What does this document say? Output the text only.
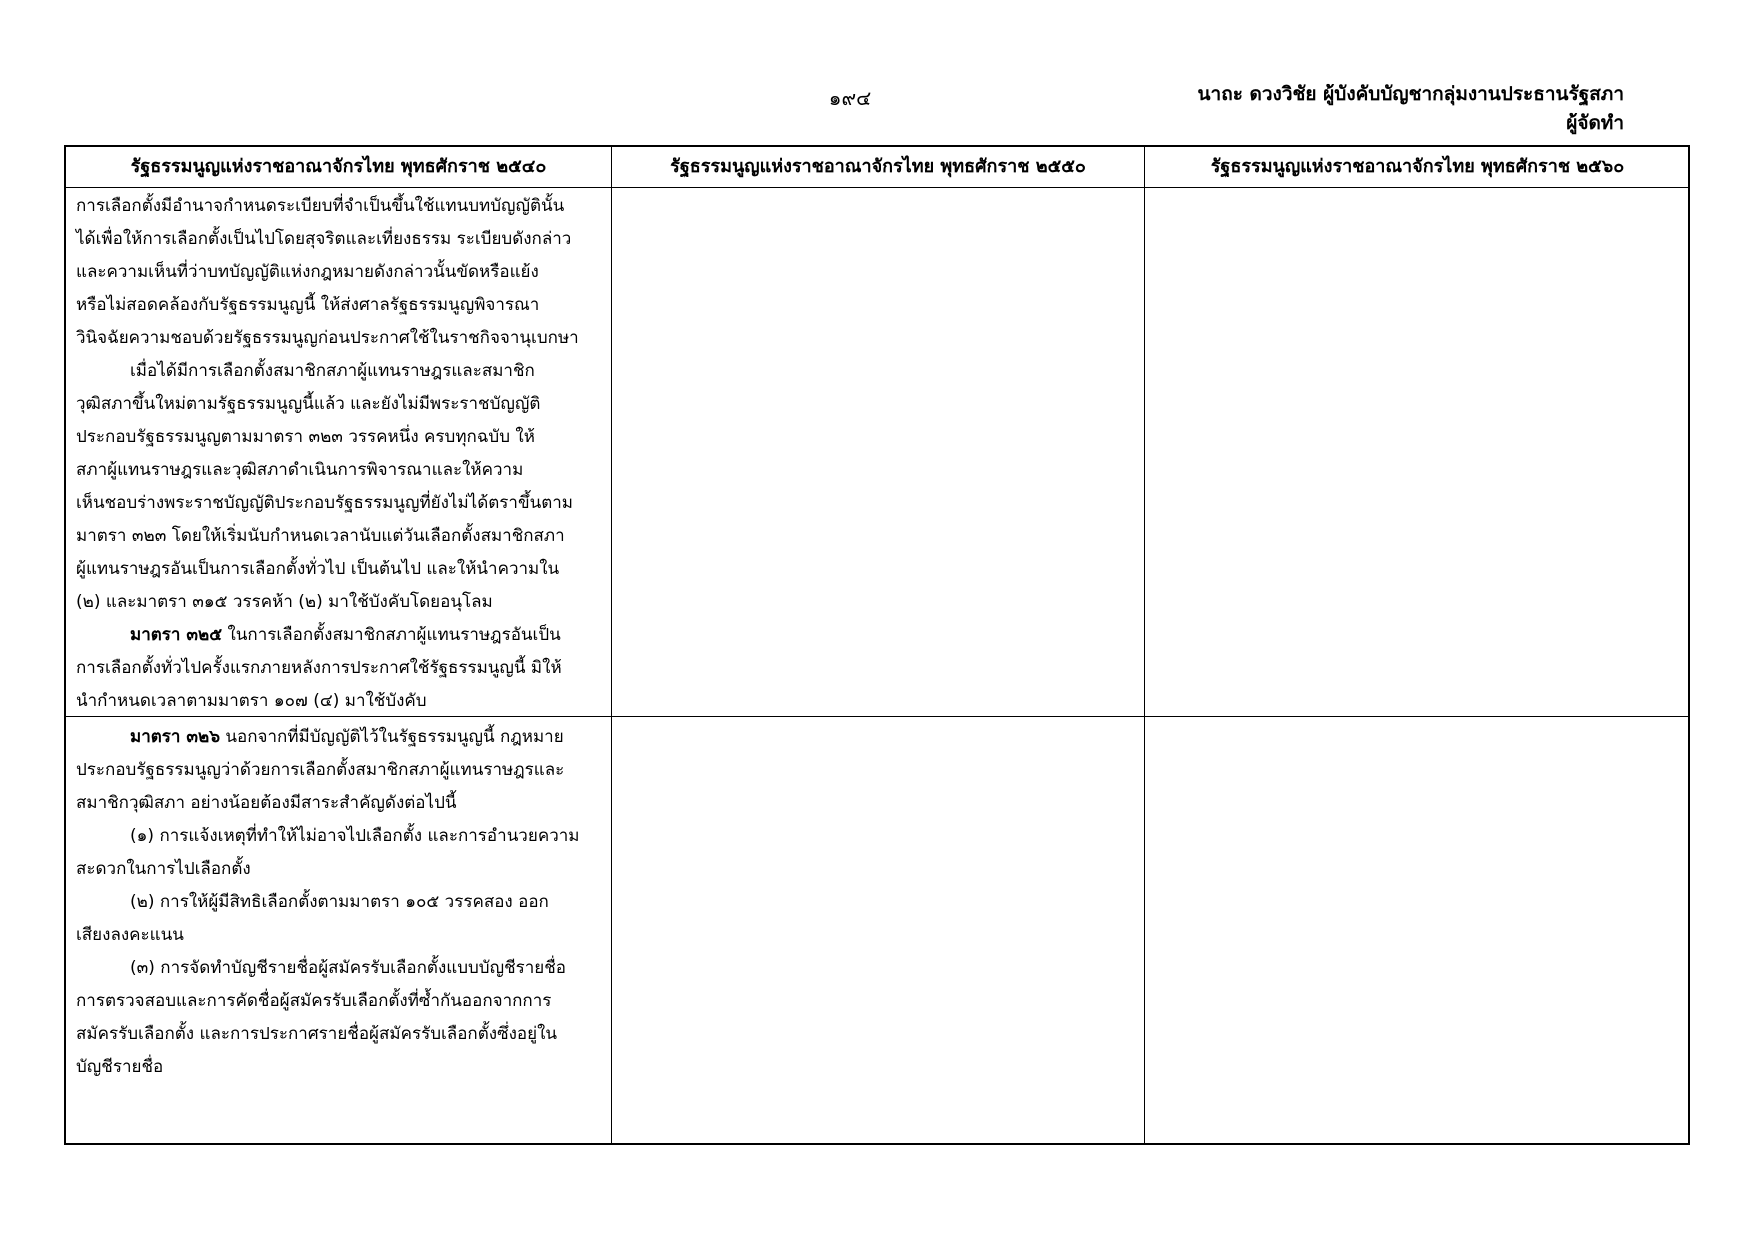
๑๙๔	นาถะ ดวงวิชัย ผู้บังคับบัญชากลุ่มงานประธานรัฐสภา
ผู้จัดทำ
รัฐธรรมนูญแห่งราชอาณาจักรไทย พุทธศักราช ๒๕๔๐	รัฐธรรมนูญแห่งราชอาณาจักรไทย พุทธศักราช ๒๕๕๐	รัฐธรรมนูญแห่งราชอาณาจักรไทย พุทธศักราช ๒๕๖๐

การเลือกตั้งมีอำนาจกำหนดระเบียบที่จำเป็นขึ้นใช้แทนบทบัญญัตินั้น

ได้เพื่อให้การเลือกตั้งเป็นไปโดยสุจริตและเที่ยงธรรม ระเบียบดังกล่าว

และความเห็นที่ว่าบทบัญญัติแห่งกฎหมายดังกล่าวนั้นขัดหรือแย้ง

หรือไม่สอดคล้องกับรัฐธรรมนูญนี้ ให้ส่งศาลรัฐธรรมนูญพิจารณา

วินิจฉัยความชอบด้วยรัฐธรรมนูญก่อนประกาศใช้ในราชกิจจานุเบกษา

เมื่อได้มีการเลือกตั้งสมาชิกสภาผู้แทนราษฎรและสมาชิก

วุฒิสภาขึ้นใหม่ตามรัฐธรรมนูญนี้แล้ว และยังไม่มีพระราชบัญญัติ

ประกอบรัฐธรรมนูญตามมาตรา ๓๒๓ วรรคหนึ่ง ครบทุกฉบับ ให้

สภาผู้แทนราษฎรและวุฒิสภาดำเนินการพิจารณาและให้ความ

เห็นชอบร่างพระราชบัญญัติประกอบรัฐธรรมนูญที่ยังไม่ได้ตราขึ้นตาม

มาตรา ๓๒๓ โดยให้เริ่มนับกำหนดเวลานับแต่วันเลือกตั้งสมาชิกสภา

ผู้แทนราษฎรอันเป็นการเลือกตั้งทั่วไป เป็นต้นไป และให้นำความใน

(๒) และมาตรา ๓๑๕ วรรคห้า (๒) มาใช้บังคับโดยอนุโลม

มาตรา ๓๒๕ ในการเลือกตั้งสมาชิกสภาผู้แทนราษฎรอันเป็น

การเลือกตั้งทั่วไปครั้งแรกภายหลังการประกาศใช้รัฐธรรมนูญนี้ มิให้

นำกำหนดเวลาตามมาตรา ๑๐๗ (๔) มาใช้บังคับ

มาตรา ๓๒๖ นอกจากที่มีบัญญัติไว้ในรัฐธรรมนูญนี้ กฎหมาย

ประกอบรัฐธรรมนูญว่าด้วยการเลือกตั้งสมาชิกสภาผู้แทนราษฎรและ

สมาชิกวุฒิสภา อย่างน้อยต้องมีสาระสำคัญดังต่อไปนี้

(๑) การแจ้งเหตุที่ทำให้ไม่อาจไปเลือกตั้ง และการอำนวยความ

สะดวกในการไปเลือกตั้ง

(๒) การให้ผู้มีสิทธิเลือกตั้งตามมาตรา ๑๐๕ วรรคสอง ออก

เสียงลงคะแนน

(๓) การจัดทำบัญชีรายชื่อผู้สมัครรับเลือกตั้งแบบบัญชีรายชื่อ

การตรวจสอบและการคัดชื่อผู้สมัครรับเลือกตั้งที่ซ้ำกันออกจากการ

สมัครรับเลือกตั้ง และการประกาศรายชื่อผู้สมัครรับเลือกตั้งซึ่งอยู่ใน

บัญชีรายชื่อ
